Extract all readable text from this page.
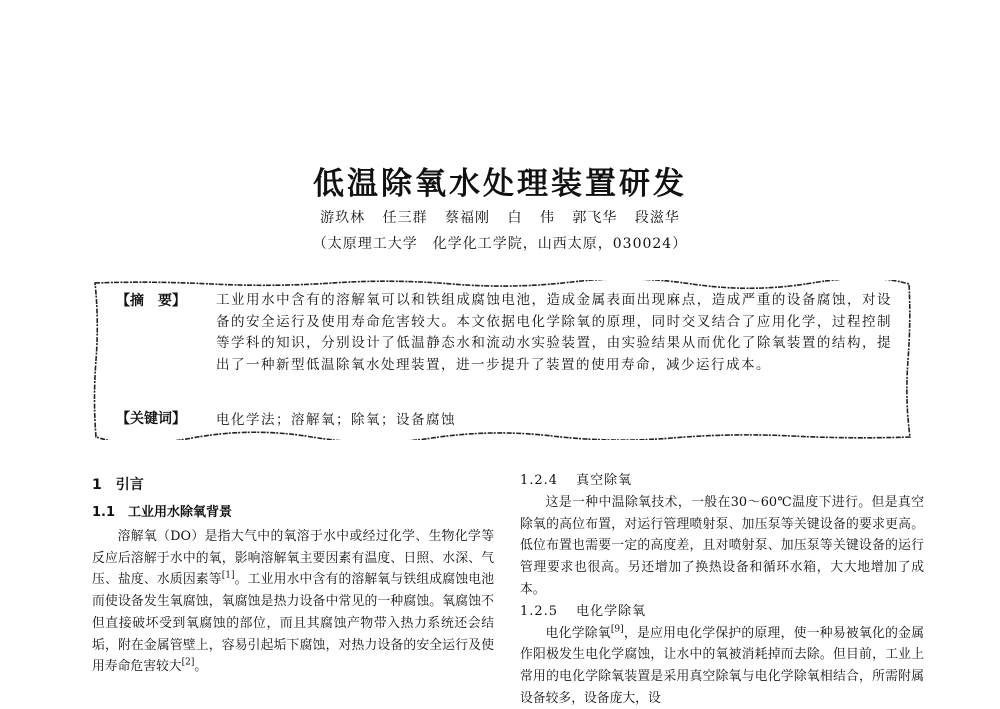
低温除氧水处理装置研发
游玖林 任三群 蔡福刚 白 伟 郭飞华 段滋华
（太原理工大学　化学化工学院，山西太原，030024）
【摘　要】 工业用水中含有的溶解氧可以和铁组成腐蚀电池，造成金属表面出现麻点，造成严重的设备腐蚀，对设备的安全运行及使用寿命危害较大。本文依据电化学除氧的原理，同时交叉结合了应用化学，过程控制等学科的知识，分别设计了低温静态水和流动水实验装置，由实验结果从而优化了除氧装置的结构，提出了一种新型低温除氧水处理装置，进一步提升了装置的使用寿命，减少运行成本。
【关键词】 电化学法；溶解氧；除氧；设备腐蚀
1　引言
1.1　工业用水除氧背景

溶解氧（DO）是指大气中的氧溶于水中或经过化学、生物化学等反应后溶解于水中的氧，影响溶解氧主要因素有温度、日照、水深、气压、盐度、水质因素等[1]。工业用水中含有的溶解氧与铁组成腐蚀电池而使设备发生氧腐蚀，氧腐蚀是热力设备中常见的一种腐蚀。氧腐蚀不但直接破坏受到氧腐蚀的部位，而且其腐蚀产物带入热力系统还会结垢，附在金属管壁上，容易引起垢下腐蚀，对热力设备的安全运行及使用寿命危害较大[2]。

1.2.4 真空除氧

这是一种中温除氧技术，一般在30～60℃温度下进行。但是真空除氧的高位布置，对运行管理喷射泵、加压泵等关键设备的要求更高。低位布置也需要一定的高度差，且对喷射泵、加压泵等关键设备的运行管理要求也很高。另还增加了换热设备和循环水箱，大大地增加了成本。

1.2.5 电化学除氧

电化学除氧[9]，是应用电化学保护的原理，使一种易被氧化的金属作阳极发生电化学腐蚀，让水中的氧被消耗掉而去除。但目前，工业上常用的电化学除氧装置是采用真空除氧与电化学除氧相结合，所需附属设备较多，设备庞大，设
